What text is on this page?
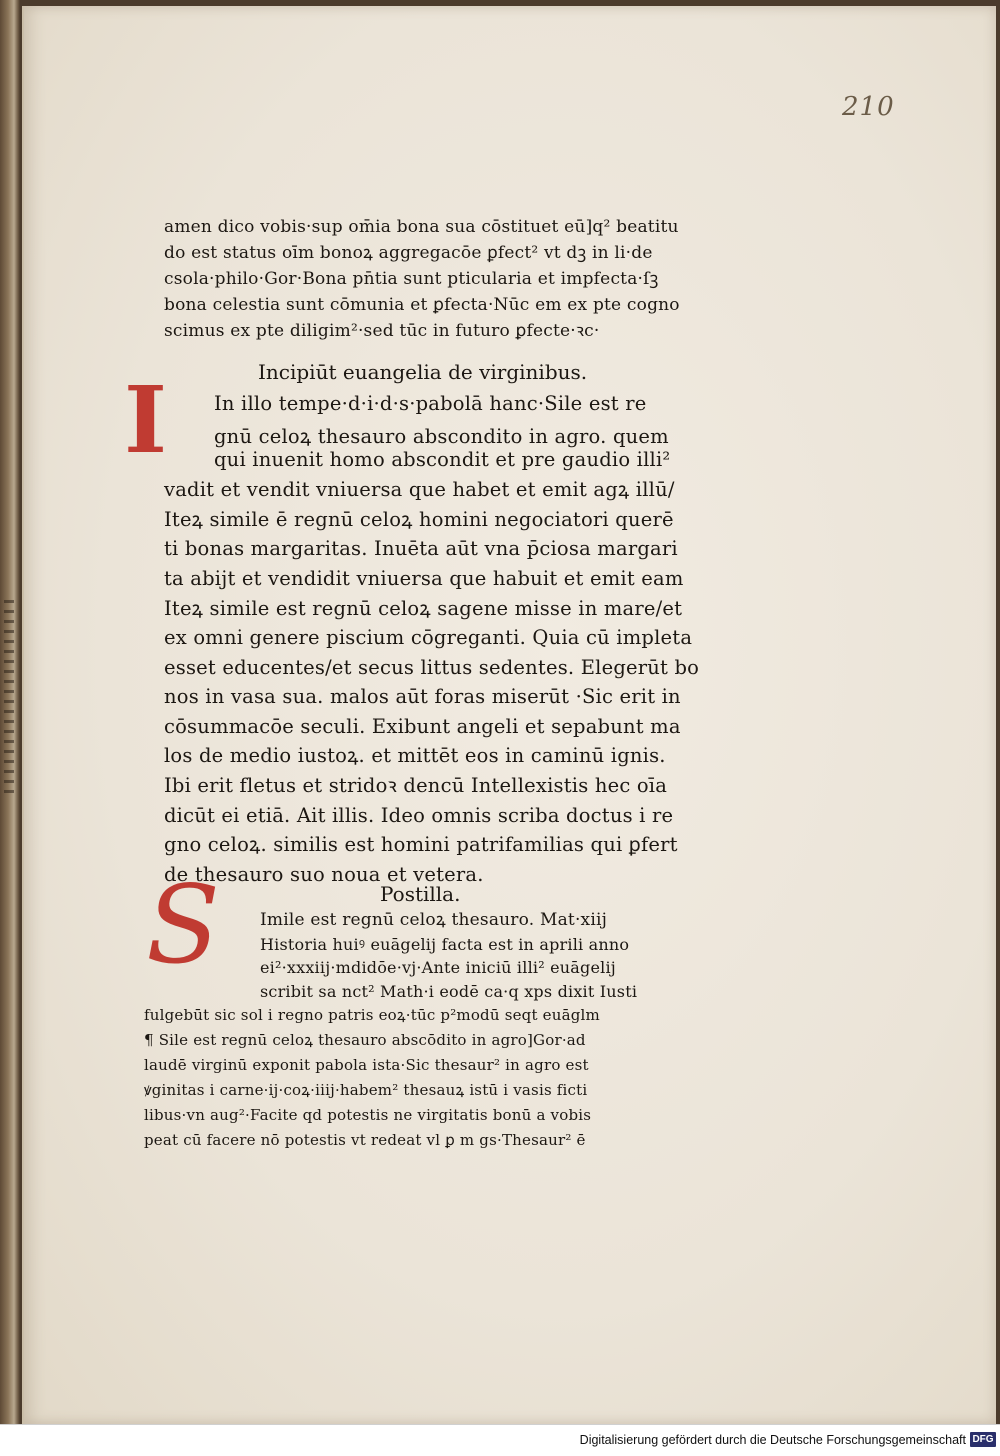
210
amen dico vobis·sup om̄ia bona sua cōstituet eū]q² beatitu
do est status oīm bonoꝝ aggregacōe ꝑfect² vt dꝫ in li·de
csola·philo·Gor·Bona pn̄tia sunt pticularia et impfecta·ſꝫ
bona celestia sunt cōmunia et ꝑfecta·Nūc em ex pte cogno
scimus ex pte diligim²·sed tūc in futuro ꝑfecte·ꝛc·
Incipiūt euangelia de virginibus.
I In illo tempe·d·i·d·s·pabolā hanc·Sile est re
gnū celoꝝ thesauro abscondito in agro. quem
qui inuenit homo abscondit et pre gaudio illi²
vadit et vendit vniuersa que habet et emit agꝝ illū/
Iteꝝ simile ē regnū celoꝝ homini negociatori querē
ti bonas margaritas. Inuēta aūt vna p̄ciosa margari
ta abijt et vendidit vniuersa que habuit et emit eam
Iteꝝ simile est regnū celoꝝ sagene misse in mare/et
ex omni genere piscium cōgreganti. Quia cū impleta
esset educentes/et secus littus sedentes. Elegerūt bo
nos in vasa sua. malos aūt foras miserūt ·Sic erit in
cōsummacōe seculi. Exibunt angeli et sepabunt ma
los de medio iustoꝝ. et mittēt eos in caminū ignis.
Ibi erit fletus et stridoꝛ dencū Intellexistis hec oīa
dicūt ei etiā. Ait illis. Ideo omnis scriba doctus i re
gno celoꝝ. similis est homini patrifamilias qui ꝑfert
de thesauro suo noua et vetera.
Postilla.
S Imile est regnū celoꝝ thesauro. Mat·xiij
Historia huiꝰ euāgelij facta est in aprili anno
ei²·xxxiij·mdidōe·vj·Ante iniciū illi² euāgelij
scribit sa nct² Math·i eodē ca·q xps dixit Iusti
fulgebūt sic sol i regno patris eoꝝ·tūc p²modū seqt euāglm
¶ Sile est regnū celoꝝ thesauro abscōdito in agro]Gor·ad
laudē virginū exponit pabola ista·Sic thesaur² in agro est
ꝟginitas i carne·ij·coꝝ·iiij·habem² thesauꝝ istū i vasis ficti
libus·vn aug²·Facite qd potestis ne virgitatis bonū a vobis
peat cū facere nō potestis vt redeat vl ꝑ m gs·Thesaur² ē
Digitalisierung gefördert durch die Deutsche Forschungsgemeinschaft DFG
